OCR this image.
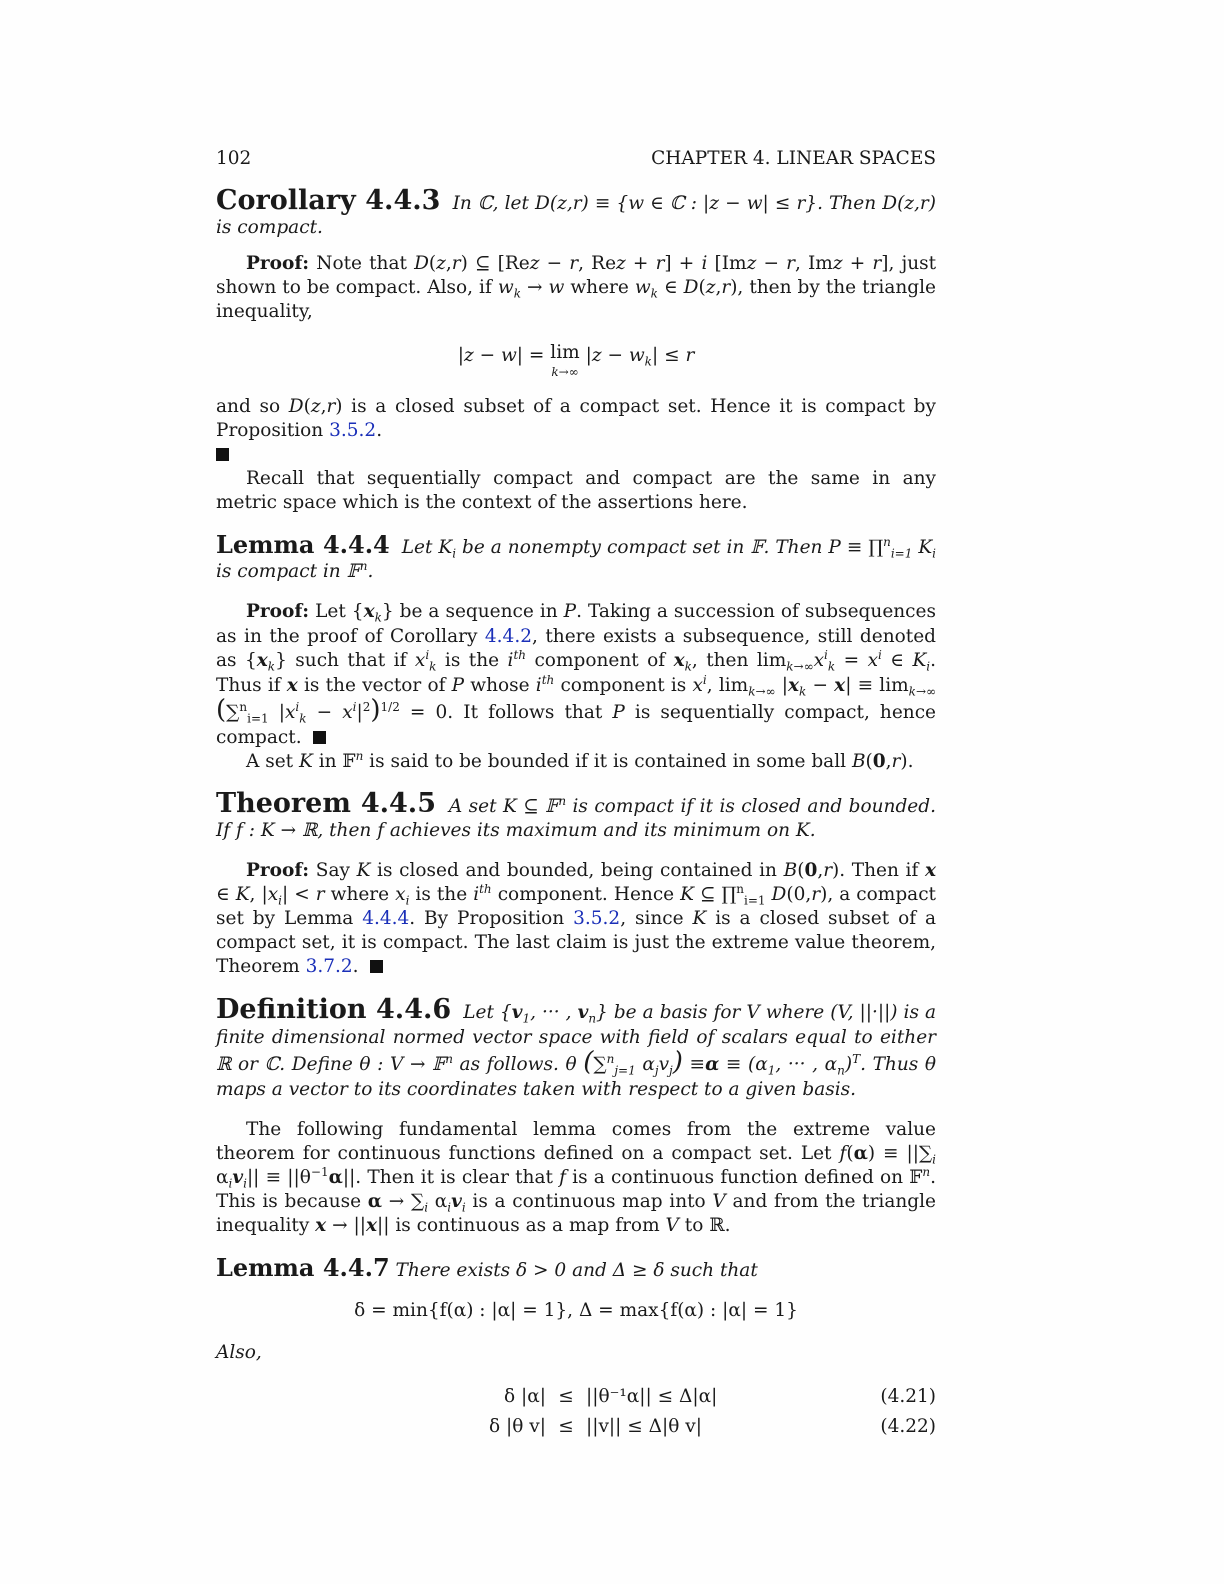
102	CHAPTER 4. LINEAR SPACES

Corollary 4.4.3  In ℂ, let D(z,r) ≡ {w ∈ ℂ : |z − w| ≤ r}. Then D(z,r) is compact.

Proof: Note that D(z,r) ⊆ [Rez − r, Rez + r] + i [Imz − r, Imz + r], just shown to be compact. Also, if $w_k \to w$ where $w_k$ ∈ D(z,r), then by the triangle inequality,

|z − w| = lim
k→∞ $|z - w_k| \le r$

and so D(z,r) is a closed subset of a compact set. Hence it is compact by Proposition 3.5.2.

Recall that sequentially compact and compact are the same in any metric space which is the context of the assertions here.

Lemma 4.4.4  Let $K_i$ be a nonempty compact set in 𝔽. Then P ≡ ∏$^n_{i=1}$ $K_i$ is compact in 𝔽$^n$.

Proof: Let $\{x_k\}$ be a sequence in P. Taking a succession of subsequences as in the proof of Corollary 4.4.2, there exists a subsequence, still denoted as $\{x_k\}$ such that if $x^i_k$ is the $i^{th}$ component of $x_k$, then $\lim_{k\to\infty}x^i_k = x^i$ ∈ $K_i$. Thus if x is the vector of P whose $i^{th}$ component is $x^i$, $\lim_{k\to\infty} |x_k - x| \equiv \lim_{k\to\infty} (\sum^n_{i=1}$ $|x^i_k - x^i|^2)^{1/2} = 0$. It follows that P is sequentially compact, hence compact.

A set K in 𝔽$^n$ is said to be bounded if it is contained in some ball B(0,r).

Theorem 4.4.5  A set K ⊆ 𝔽$^n$ is compact if it is closed and bounded. If f : K → ℝ, then f achieves its maximum and its minimum on K.

Proof: Say K is closed and bounded, being contained in B(0,r). Then if x ∈ K, $|x_i| < r$ where $x_i$ is the $i^{th}$ component. Hence K ⊆ ∏$^n_{i=1}$ D(0,r), a compact set by Lemma 4.4.4. By Proposition 3.5.2, since K is a closed subset of a compact set, it is compact. The last claim is just the extreme value theorem, Theorem 3.7.2.

Definition 4.4.6  Let {$v_1$, ··· , $v_n$} be a basis for V where (V, ||·||) is a finite dimensional normed vector space with field of scalars equal to either ℝ or ℂ. Define θ : V → 𝔽$^n$ as follows. θ (∑$^n_{j=1}$ $\alpha_jv_j) \equiv\alpha \equiv (\alpha_1$, ··· , $\alpha_n)^T$. Thus θ maps a vector to its coordinates taken with respect to a given basis.

The following fundamental lemma comes from the extreme value theorem for continuous functions defined on a compact set. Let $f(\alpha) \equiv ||\sum_i$ $\alpha_iv_i|| \equiv ||\theta^{-1}\alpha||$. Then it is clear that f is a continuous function defined on 𝔽$^n$. This is because $\alpha \to \sum_i$ $\alpha_iv_i$ is a continuous map into V and from the triangle inequality x → ||x|| is continuous as a map from V to ℝ.

Lemma 4.4.7 There exists δ > 0 and Δ ≥ δ such that

δ = min{f(α) : |α| = 1}, Δ = max{f(α) : |α| = 1}

Also,

δ |α| ≤ ||θ⁻¹α|| ≤ Δ|α|	(4.21)
δ |θ v| ≤ ||v|| ≤ Δ|θ v|	(4.22)
